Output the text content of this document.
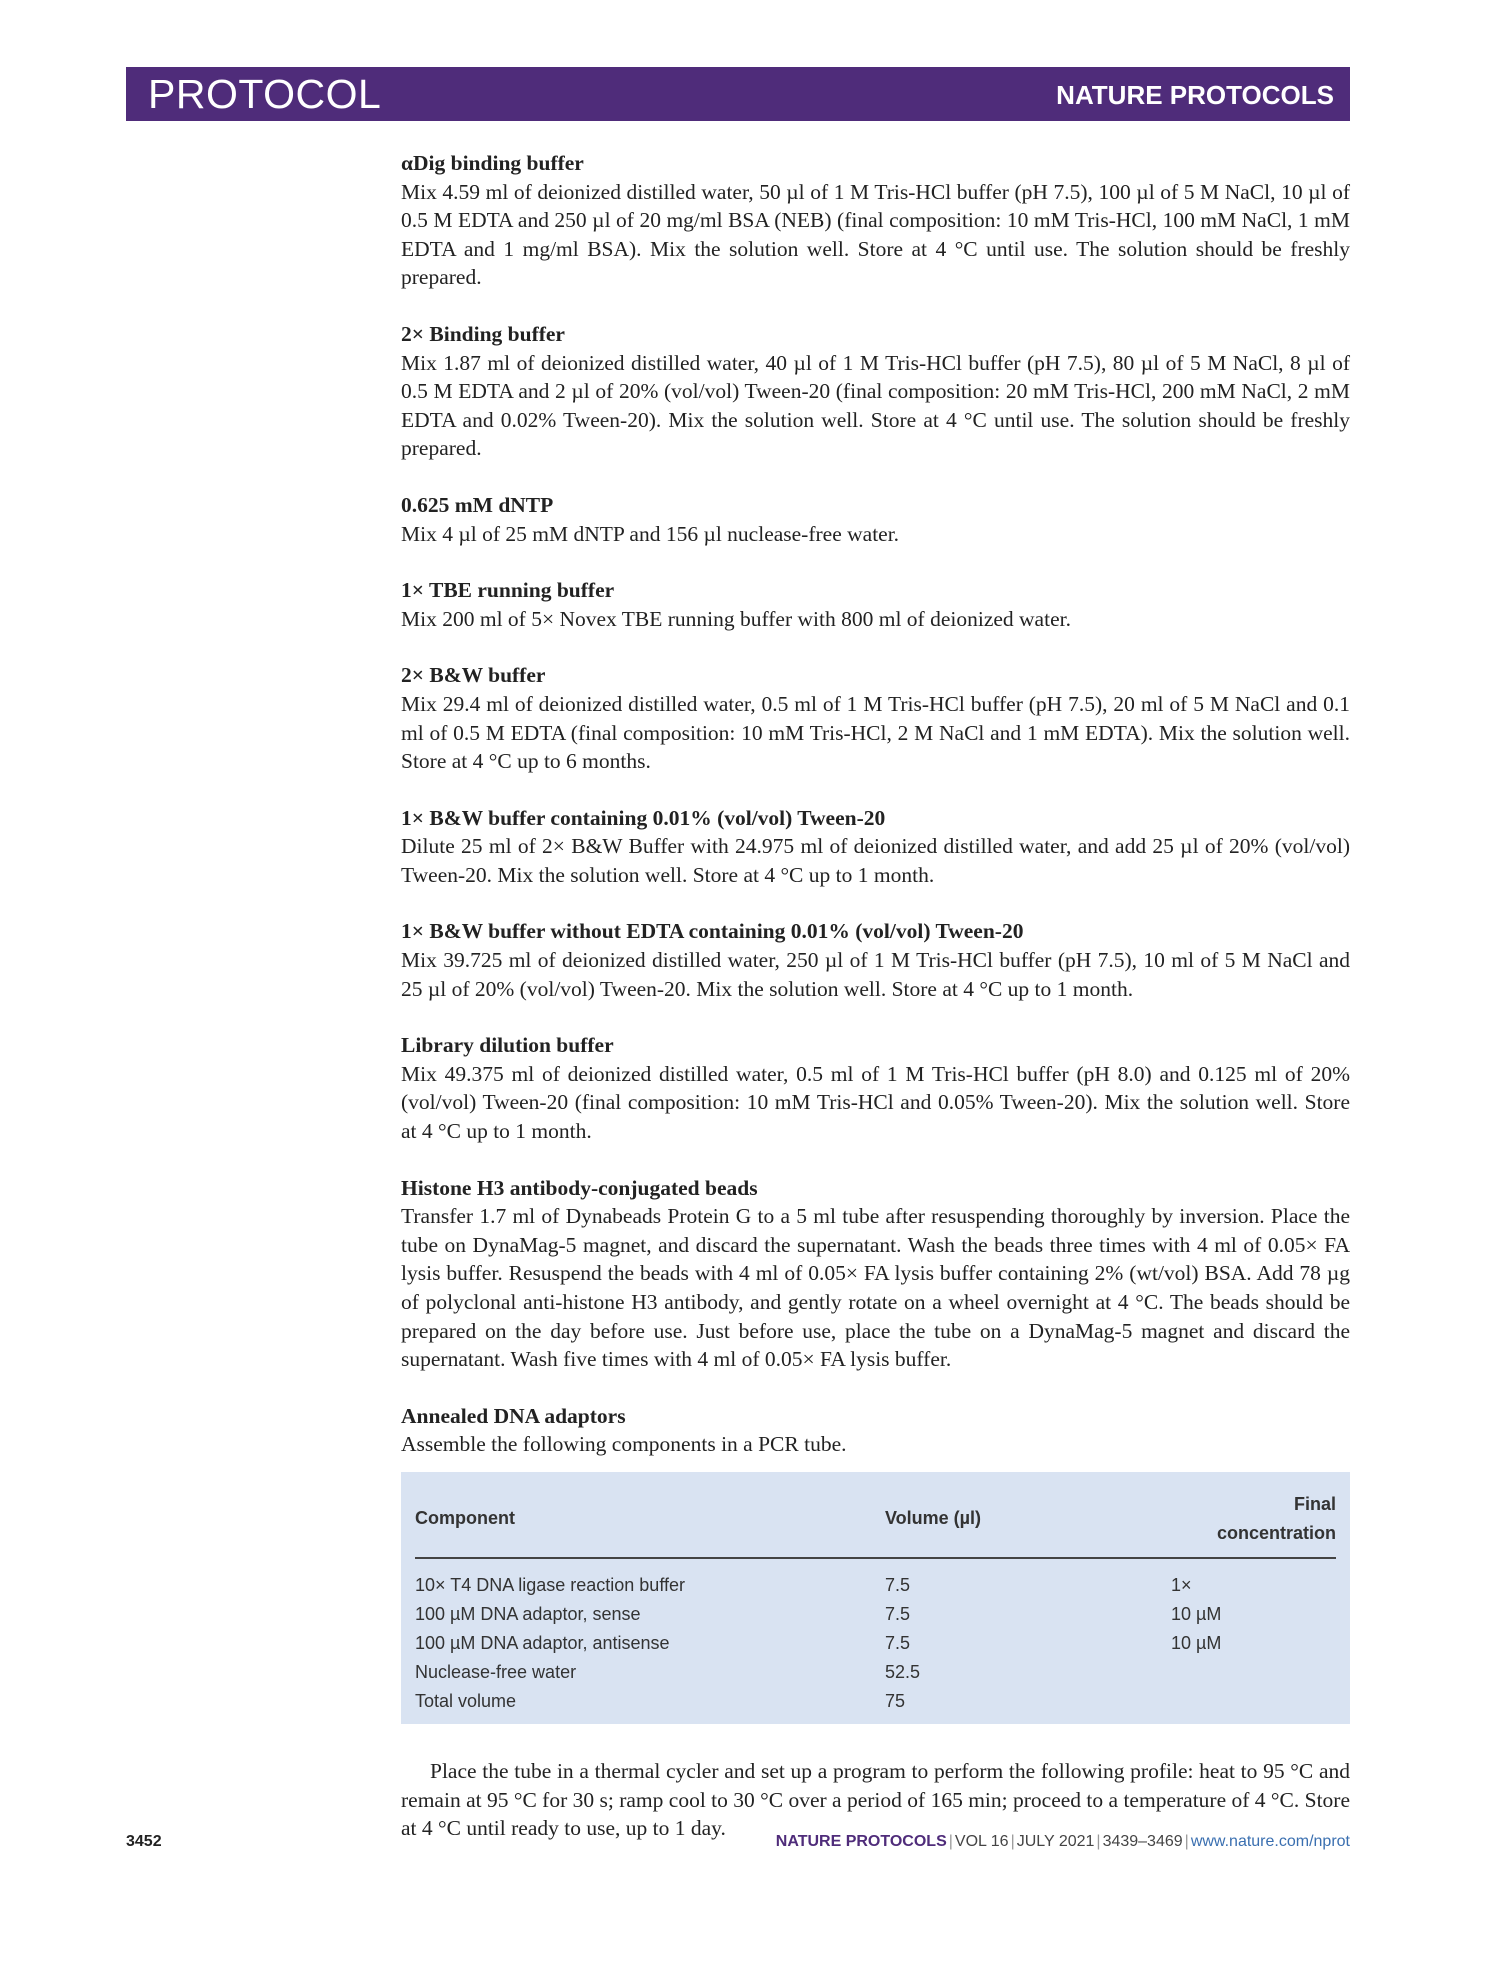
PROTOCOL	NATURE PROTOCOLS
αDig binding buffer
Mix 4.59 ml of deionized distilled water, 50 µl of 1 M Tris-HCl buffer (pH 7.5), 100 µl of 5 M NaCl, 10 µl of 0.5 M EDTA and 250 µl of 20 mg/ml BSA (NEB) (final composition: 10 mM Tris-HCl, 100 mM NaCl, 1 mM EDTA and 1 mg/ml BSA). Mix the solution well. Store at 4 °C until use. The solution should be freshly prepared.
2× Binding buffer
Mix 1.87 ml of deionized distilled water, 40 µl of 1 M Tris-HCl buffer (pH 7.5), 80 µl of 5 M NaCl, 8 µl of 0.5 M EDTA and 2 µl of 20% (vol/vol) Tween-20 (final composition: 20 mM Tris-HCl, 200 mM NaCl, 2 mM EDTA and 0.02% Tween-20). Mix the solution well. Store at 4 °C until use. The solution should be freshly prepared.
0.625 mM dNTP
Mix 4 µl of 25 mM dNTP and 156 µl nuclease-free water.
1× TBE running buffer
Mix 200 ml of 5× Novex TBE running buffer with 800 ml of deionized water.
2× B&W buffer
Mix 29.4 ml of deionized distilled water, 0.5 ml of 1 M Tris-HCl buffer (pH 7.5), 20 ml of 5 M NaCl and 0.1 ml of 0.5 M EDTA (final composition: 10 mM Tris-HCl, 2 M NaCl and 1 mM EDTA). Mix the solution well. Store at 4 °C up to 6 months.
1× B&W buffer containing 0.01% (vol/vol) Tween-20
Dilute 25 ml of 2× B&W Buffer with 24.975 ml of deionized distilled water, and add 25 µl of 20% (vol/vol) Tween-20. Mix the solution well. Store at 4 °C up to 1 month.
1× B&W buffer without EDTA containing 0.01% (vol/vol) Tween-20
Mix 39.725 ml of deionized distilled water, 250 µl of 1 M Tris-HCl buffer (pH 7.5), 10 ml of 5 M NaCl and 25 µl of 20% (vol/vol) Tween-20. Mix the solution well. Store at 4 °C up to 1 month.
Library dilution buffer
Mix 49.375 ml of deionized distilled water, 0.5 ml of 1 M Tris-HCl buffer (pH 8.0) and 0.125 ml of 20% (vol/vol) Tween-20 (final composition: 10 mM Tris-HCl and 0.05% Tween-20). Mix the solution well. Store at 4 °C up to 1 month.
Histone H3 antibody-conjugated beads
Transfer 1.7 ml of Dynabeads Protein G to a 5 ml tube after resuspending thoroughly by inversion. Place the tube on DynaMag-5 magnet, and discard the supernatant. Wash the beads three times with 4 ml of 0.05× FA lysis buffer. Resuspend the beads with 4 ml of 0.05× FA lysis buffer containing 2% (wt/vol) BSA. Add 78 µg of polyclonal anti-histone H3 antibody, and gently rotate on a wheel overnight at 4 °C. The beads should be prepared on the day before use. Just before use, place the tube on a DynaMag-5 magnet and discard the supernatant. Wash five times with 4 ml of 0.05× FA lysis buffer.
Annealed DNA adaptors
Assemble the following components in a PCR tube.
Component	Volume (µl)	Final concentration
10× T4 DNA ligase reaction buffer	7.5	1×
100 µM DNA adaptor, sense	7.5	10 µM
100 µM DNA adaptor, antisense	7.5	10 µM
Nuclease-free water	52.5	
Total volume	75	
Place the tube in a thermal cycler and set up a program to perform the following profile: heat to 95 °C and remain at 95 °C for 30 s; ramp cool to 30 °C over a period of 165 min; proceed to a temperature of 4 °C. Store at 4 °C until ready to use, up to 1 day.
3452	NATURE PROTOCOLS | VOL 16 | JULY 2021 | 3439–3469 | www.nature.com/nprot
